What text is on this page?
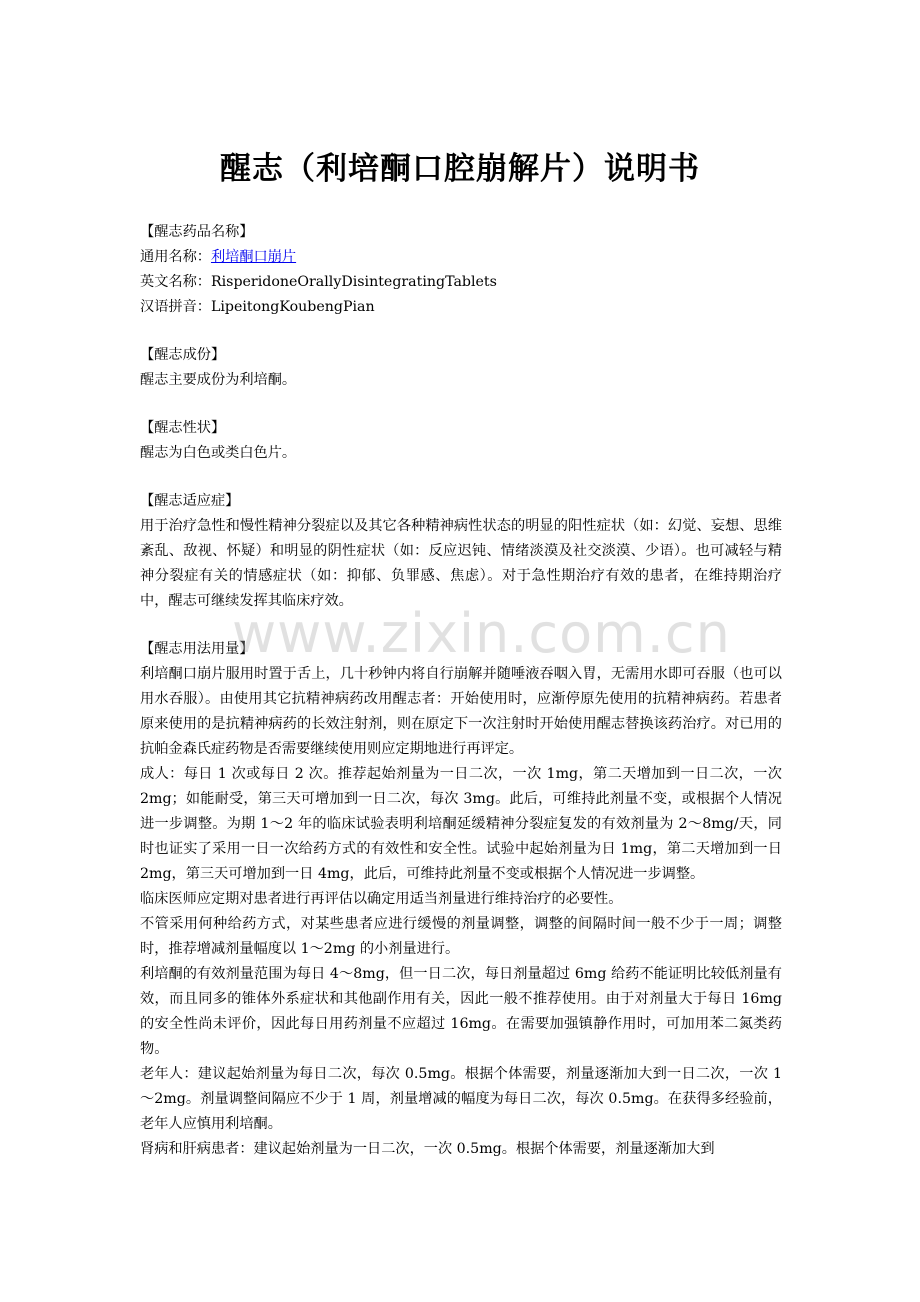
醒志（利培酮口腔崩解片）说明书
【醒志药品名称】
通用名称：利培酮口崩片
英文名称：RisperidoneOrallyDisintegratingTablets
汉语拼音：LipeitongKoubengPian
【醒志成份】
醒志主要成份为利培酮。
【醒志性状】
醒志为白色或类白色片。
【醒志适应症】

用于治疗急性和慢性精神分裂症以及其它各种精神病性状态的明显的阳性症状（如：幻觉、妄想、思维紊乱、敌视、怀疑）和明显的阴性症状（如：反应迟钝、情绪淡漠及社交淡漠、少语）。也可减轻与精神分裂症有关的情感症状（如：抑郁、负罪感、焦虑）。对于急性期治疗有效的患者，在维持期治疗中，醒志可继续发挥其临床疗效。

【醒志用法用量】

利培酮口崩片服用时置于舌上，几十秒钟内将自行崩解并随唾液吞咽入胃，无需用水即可吞服（也可以用水吞服）。由使用其它抗精神病药改用醒志者：开始使用时，应渐停原先使用的抗精神病药。若患者原来使用的是抗精神病药的长效注射剂，则在原定下一次注射时开始使用醒志替换该药治疗。对已用的抗帕金森氏症药物是否需要继续使用则应定期地进行再评定。

成人：每日 1 次或每日 2 次。推荐起始剂量为一日二次，一次 1mg，第二天增加到一日二次，一次 2mg；如能耐受，第三天可增加到一日二次，每次 3mg。此后，可维持此剂量不变，或根据个人情况进一步调整。为期 1～2 年的临床试验表明利培酮延缓精神分裂症复发的有效剂量为 2～8mg/天，同时也证实了采用一日一次给药方式的有效性和安全性。试验中起始剂量为日 1mg，第二天增加到一日 2mg，第三天可增加到一日 4mg，此后，可维持此剂量不变或根据个人情况进一步调整。

临床医师应定期对患者进行再评估以确定用适当剂量进行维持治疗的必要性。

不管采用何种给药方式，对某些患者应进行缓慢的剂量调整，调整的间隔时间一般不少于一周；调整时，推荐增减剂量幅度以 1～2mg 的小剂量进行。

利培酮的有效剂量范围为每日 4～8mg，但一日二次，每日剂量超过 6mg 给药不能证明比较低剂量有效，而且同多的锥体外系症状和其他副作用有关，因此一般不推荐使用。由于对剂量大于每日 16mg 的安全性尚未评价，因此每日用药剂量不应超过 16mg。在需要加强镇静作用时，可加用苯二氮类药物。

老年人：建议起始剂量为每日二次，每次 0.5mg。根据个体需要，剂量逐渐加大到一日二次，一次 1～2mg。剂量调整间隔应不少于 1 周，剂量增减的幅度为每日二次，每次 0.5mg。在获得多经验前，老年人应慎用利培酮。

肾病和肝病患者：建议起始剂量为一日二次，一次 0.5mg。根据个体需要，剂量逐渐加大到

www.zixin.com.cn
